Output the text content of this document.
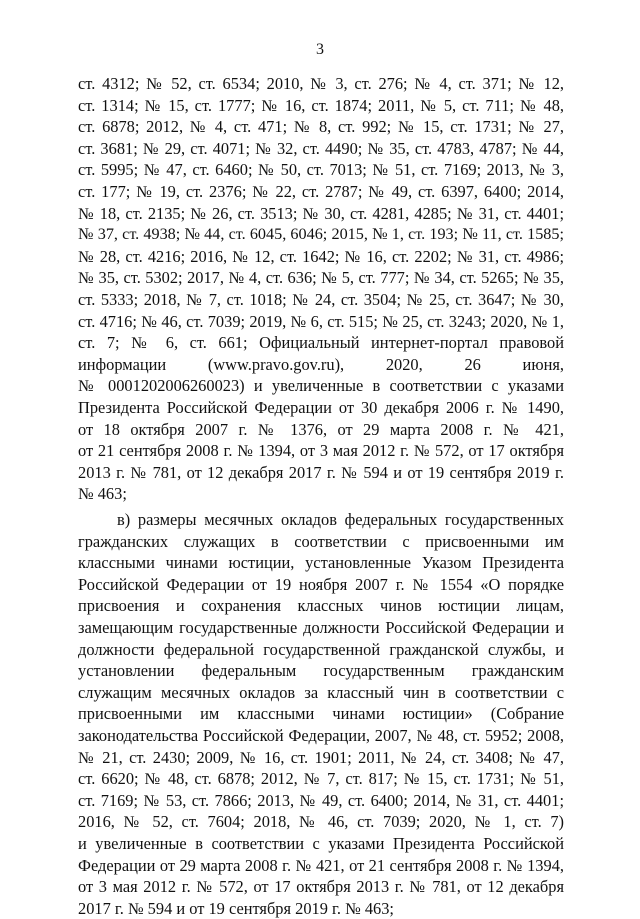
3
ст. 4312; № 52, ст. 6534; 2010, № 3, ст. 276; № 4, ст. 371; № 12,
ст. 1314; № 15, ст. 1777; № 16, ст. 1874; 2011, № 5, ст. 711; № 48,
ст. 6878; 2012, № 4, ст. 471; № 8, ст. 992; № 15, ст. 1731; № 27,
ст. 3681; № 29, ст. 4071; № 32, ст. 4490; № 35, ст. 4783, 4787; № 44,
ст. 5995; № 47, ст. 6460; № 50, ст. 7013; № 51, ст. 7169; 2013, № 3,
ст. 177; № 19, ст. 2376; № 22, ст. 2787; № 49, ст. 6397, 6400; 2014,
№ 18, ст. 2135; № 26, ст. 3513; № 30, ст. 4281, 4285; № 31, ст. 4401;
№ 37, ст. 4938; № 44, ст. 6045, 6046; 2015, № 1, ст. 193; № 11, ст. 1585;
№ 28, ст. 4216; 2016, № 12, ст. 1642; № 16, ст. 2202; № 31, ст. 4986;
№ 35, ст. 5302; 2017, № 4, ст. 636; № 5, ст. 777; № 34, ст. 5265; № 35,
ст. 5333; 2018, № 7, ст. 1018; № 24, ст. 3504; № 25, ст. 3647; № 30,
ст. 4716; № 46, ст. 7039; 2019, № 6, ст. 515; № 25, ст. 3243; 2020, № 1,
ст. 7; № 6, ст. 661; Официальный интернет-портал правовой
информации (www.pravo.gov.ru), 2020, 26 июня,
№ 0001202006260023) и увеличенные в соответствии с указами
Президента Российской Федерации от 30 декабря 2006 г. № 1490,
от 18 октября 2007 г. № 1376, от 29 марта 2008 г. № 421,
от 21 сентября 2008 г. № 1394, от 3 мая 2012 г. № 572, от 17 октября
2013 г. № 781, от 12 декабря 2017 г. № 594 и от 19 сентября 2019 г.
№ 463;
в) размеры месячных окладов федеральных государственных
гражданских служащих в соответствии с присвоенными им
классными чинами юстиции, установленные Указом Президента
Российской Федерации от 19 ноября 2007 г. № 1554 «О порядке
присвоения и сохранения классных чинов юстиции лицам,
замещающим государственные должности Российской Федерации и
должности федеральной государственной гражданской службы, и
установлении федеральным государственным гражданским
служащим месячных окладов за классный чин в соответствии с
присвоенными им классными чинами юстиции» (Собрание
законодательства Российской Федерации, 2007, № 48, ст. 5952; 2008,
№ 21, ст. 2430; 2009, № 16, ст. 1901; 2011, № 24, ст. 3408; № 47,
ст. 6620; № 48, ст. 6878; 2012, № 7, ст. 817; № 15, ст. 1731; № 51,
ст. 7169; № 53, ст. 7866; 2013, № 49, ст. 6400; 2014, № 31, ст. 4401;
2016, № 52, ст. 7604; 2018, № 46, ст. 7039; 2020, № 1, ст. 7)
и увеличенные в соответствии с указами Президента Российской
Федерации от 29 марта 2008 г. № 421, от 21 сентября 2008 г. № 1394,
от 3 мая 2012 г. № 572, от 17 октября 2013 г. № 781, от 12 декабря
2017 г. № 594 и от 19 сентября 2019 г. № 463;
